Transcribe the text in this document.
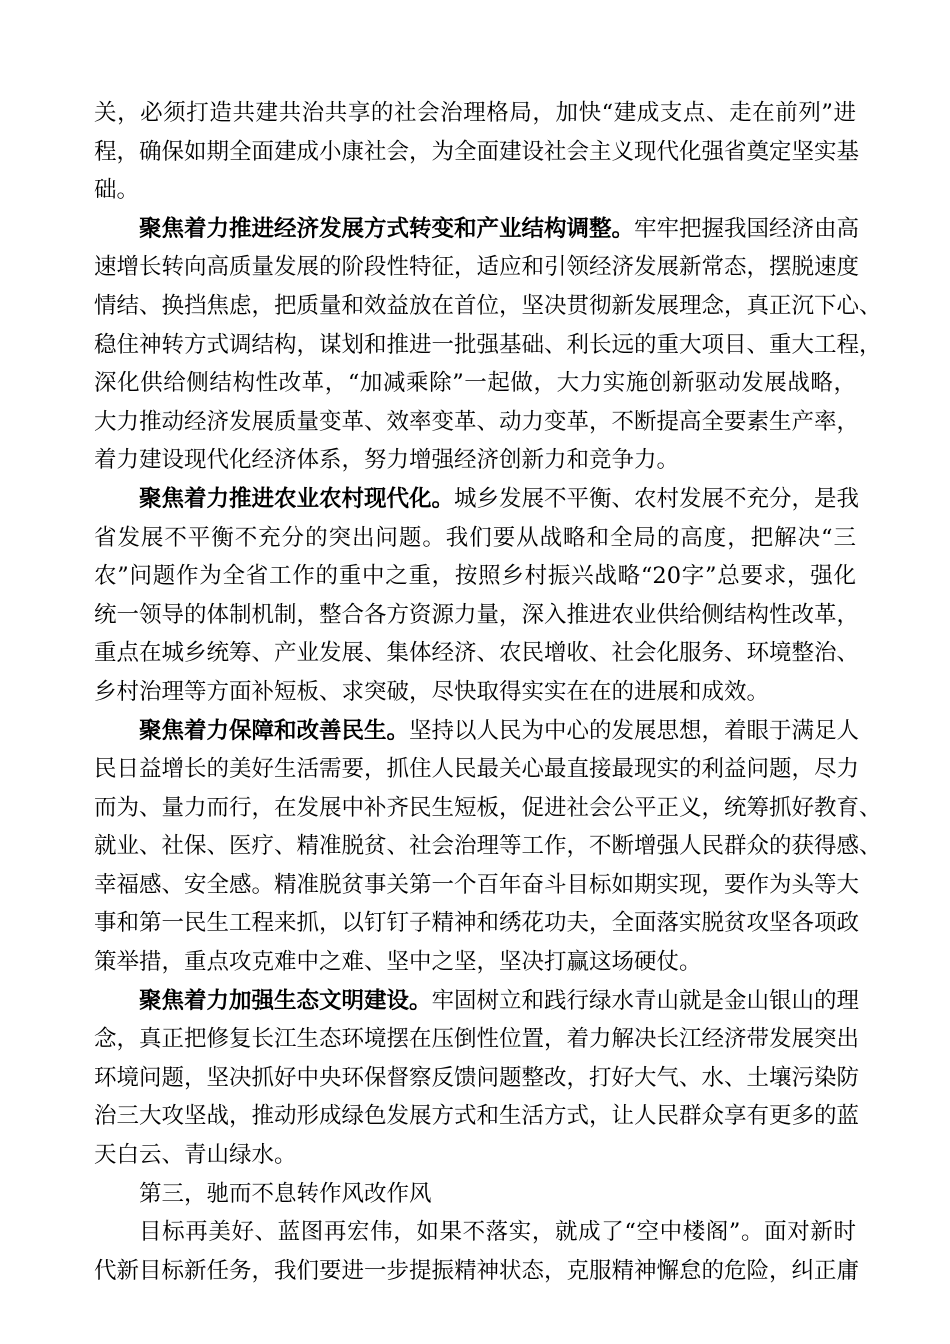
关，必须打造共建共治共享的社会治理格局，加快“建成支点、走在前列”进
程，确保如期全面建成小康社会，为全面建设社会主义现代化强省奠定坚实基
础。
聚焦着力推进经济发展方式转变和产业结构调整。牢牢把握我国经济由高
速增长转向高质量发展的阶段性特征，适应和引领经济发展新常态，摆脱速度
情结、换挡焦虑，把质量和效益放在首位，坚决贯彻新发展理念，真正沉下心、
稳住神转方式调结构，谋划和推进一批强基础、利长远的重大项目、重大工程，
深化供给侧结构性改革，“加减乘除”一起做，大力实施创新驱动发展战略，
大力推动经济发展质量变革、效率变革、动力变革，不断提高全要素生产率，
着力建设现代化经济体系，努力增强经济创新力和竞争力。
聚焦着力推进农业农村现代化。城乡发展不平衡、农村发展不充分，是我
省发展不平衡不充分的突出问题。我们要从战略和全局的高度，把解决“三
农”问题作为全省工作的重中之重，按照乡村振兴战略“20字”总要求，强化
统一领导的体制机制，整合各方资源力量，深入推进农业供给侧结构性改革，
重点在城乡统筹、产业发展、集体经济、农民增收、社会化服务、环境整治、
乡村治理等方面补短板、求突破，尽快取得实实在在的进展和成效。
聚焦着力保障和改善民生。坚持以人民为中心的发展思想，着眼于满足人
民日益增长的美好生活需要，抓住人民最关心最直接最现实的利益问题，尽力
而为、量力而行，在发展中补齐民生短板，促进社会公平正义，统筹抓好教育、
就业、社保、医疗、精准脱贫、社会治理等工作，不断增强人民群众的获得感、
幸福感、安全感。精准脱贫事关第一个百年奋斗目标如期实现，要作为头等大
事和第一民生工程来抓，以钉钉子精神和绣花功夫，全面落实脱贫攻坚各项政
策举措，重点攻克难中之难、坚中之坚，坚决打赢这场硬仗。
聚焦着力加强生态文明建设。牢固树立和践行绿水青山就是金山银山的理
念，真正把修复长江生态环境摆在压倒性位置，着力解决长江经济带发展突出
环境问题，坚决抓好中央环保督察反馈问题整改，打好大气、水、土壤污染防
治三大攻坚战，推动形成绿色发展方式和生活方式，让人民群众享有更多的蓝
天白云、青山绿水。
第三，驰而不息转作风改作风
目标再美好、蓝图再宏伟，如果不落实，就成了“空中楼阁”。面对新时
代新目标新任务，我们要进一步提振精神状态，克服精神懈怠的危险，纠正庸
